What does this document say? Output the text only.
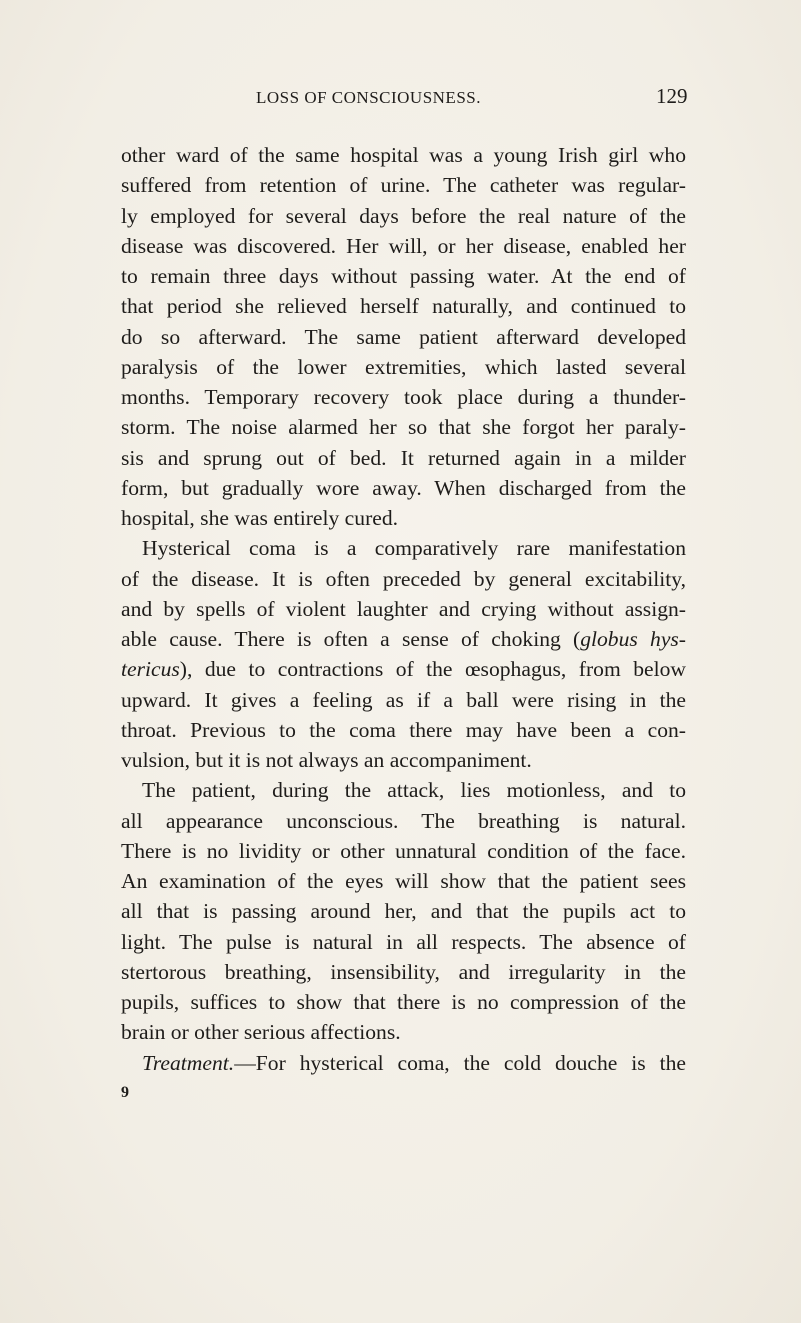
LOSS OF CONSCIOUSNESS.	129
other ward of the same hospital was a young Irish girl who
suffered from retention of urine. The catheter was regular-
ly employed for several days before the real nature of the
disease was discovered. Her will, or her disease, enabled her
to remain three days without passing water. At the end of
that period she relieved herself naturally, and continued to
do so afterward. The same patient afterward developed
paralysis of the lower extremities, which lasted several
months. Temporary recovery took place during a thunder-
storm. The noise alarmed her so that she forgot her paraly-
sis and sprung out of bed. It returned again in a milder
form, but gradually wore away. When discharged from the
hospital, she was entirely cured.
Hysterical coma is a comparatively rare manifestation
of the disease. It is often preceded by general excitability,
and by spells of violent laughter and crying without assign-
able cause. There is often a sense of choking (globus hys-
tericus), due to contractions of the œsophagus, from below
upward. It gives a feeling as if a ball were rising in the
throat. Previous to the coma there may have been a con-
vulsion, but it is not always an accompaniment.
The patient, during the attack, lies motionless, and to
all appearance unconscious. The breathing is natural.
There is no lividity or other unnatural condition of the face.
An examination of the eyes will show that the patient sees
all that is passing around her, and that the pupils act to
light. The pulse is natural in all respects. The absence of
stertorous breathing, insensibility, and irregularity in the
pupils, suffices to show that there is no compression of the
brain or other serious affections.
Treatment.—For hysterical coma, the cold douche is the
9
